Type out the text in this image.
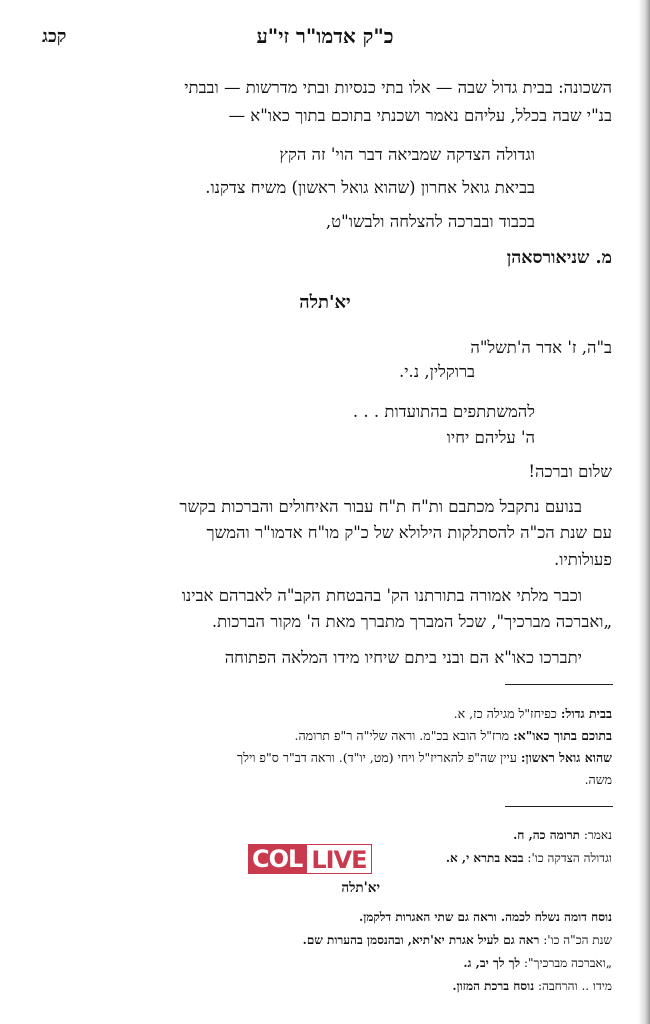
כ"ק אדמו"ר זי"ע
קכג
השכונה: בבית גדול שבה — אלו בתי כנסיות ובתי מדרשות — ובבתי
בנ"י שבה בכלל, עליהם נאמר ושכנתי בתוכם בתוך כאו"א —
וגדולה הצדקה שמביאה דבר הוי' זה הקץ
בביאת גואל אחרון (שהוא גואל ראשון) משיח צדקנו.
בכבוד ובברכה להצלחה ולבשו"ט,
מ. שניאורסאהן
יא'תלה
ב"ה, ז' אדר ה'תשל"ה
ברוקלין, נ.י.
להמשתתפים בהתועדות . . .
ה' עליהם יחיו
שלום וברכה!
בנועם נתקבל מכתבם ות"ח ת"ח עבור האיחולים והברכות בקשר
עם שנת הכ"ה להסתלקות הילולא של כ"ק מו"ח אדמו"ר והמשך
פעולותיו.
וכבר מלתי אמורה בתורתנו הק' בהבטחת הקב"ה לאברהם אבינו
„ואברכה מברכיך", שכל המברך מתברך מאת ה' מקור הברכות.
יתברכו כאו"א הם ובני ביתם שיחיו מידו המלאה הפתוחה
בבית גדול: כפיחז"ל מגילה כז, א.
בתוכם בתוך כאו"א: מרז"ל הובא בכ"מ. וראה שלי"ה ר"פ תרומה.
שהוא גואל ראשון: עיין שה"פ להאריז"ל ויחי (מט, יו"ד). וראה דב"ר ס"פ וילך
משה.
נאמר: תרומה כה, ח.
וגדולה הצדקה כו': בבא בתרא י, א.
יא'תלה
נוסח דומה נשלח לכמה. וראה גם שתי האגרות דלקמן.
שנת הכ"ה כו': ראה גם לעיל אגרת יא'תיא, ובהנסמן בהערות שם.
„ואברכה מברכיך": לך לך יב, ג.
מידו .. והרחבה: נוסח ברכת המזון.
COL LIVE
